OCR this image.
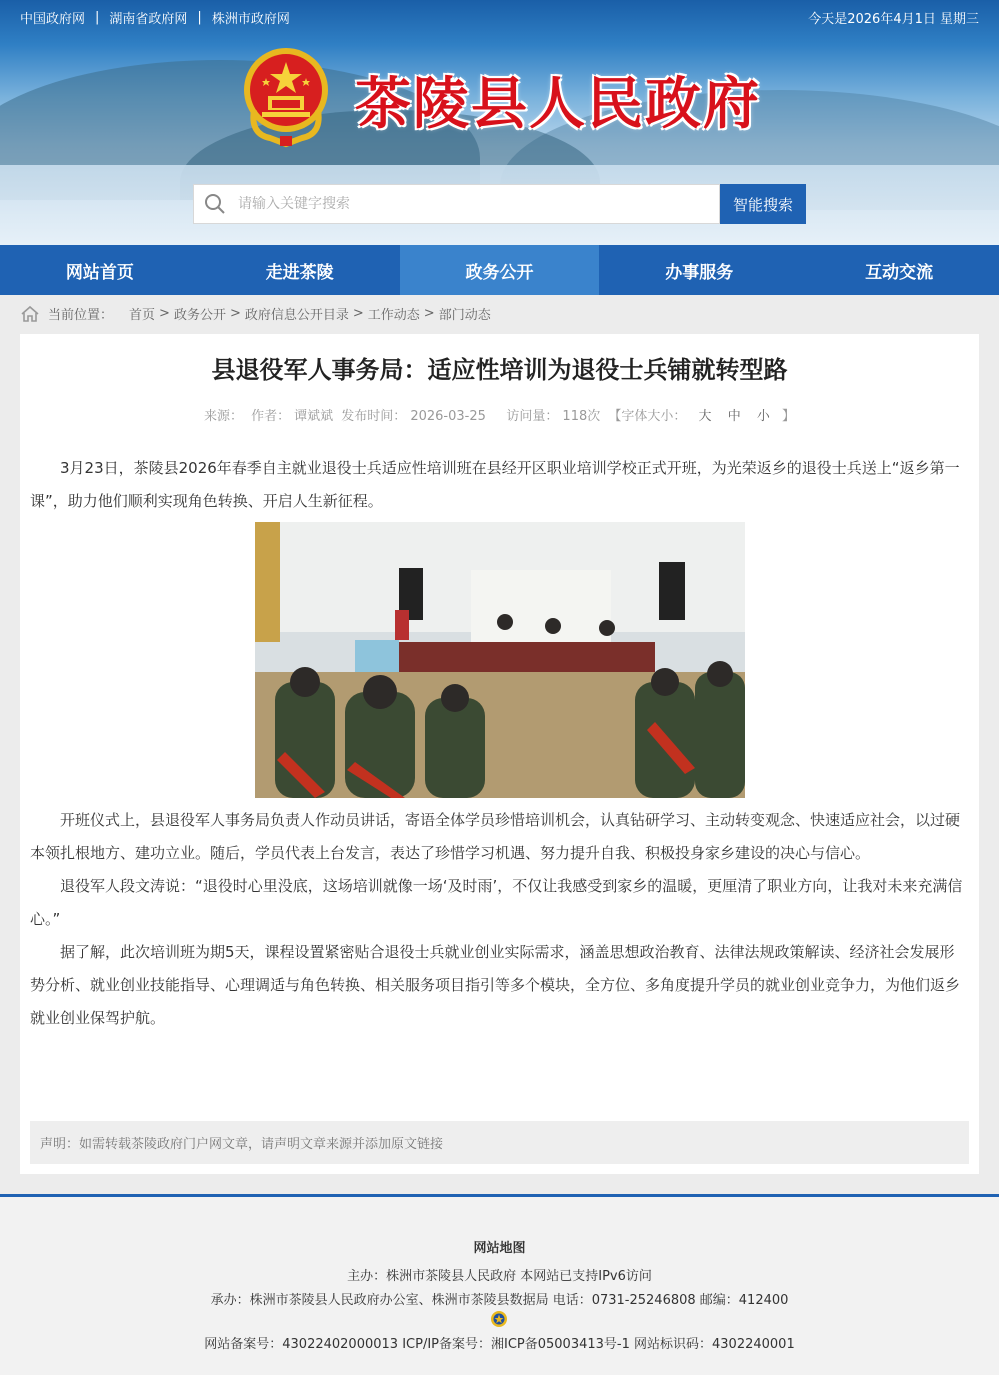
中国政府网 | 湖南省政府网 | 株洲市政府网	今天是2026年4月1日 星期三
茶陵县人民政府
请输入关键字搜索
智能搜索
网站首页	走进茶陵	政务公开	办事服务	互动交流
当前位置： 首页 > 政务公开 > 政府信息公开目录 > 工作动态 > 部门动态
县退役军人事务局：适应性培训为退役士兵铺就转型路
来源： 作者： 谭斌斌 发布时间： 2026-03-25 访问量： 118次 【字体大小： 大 中 小 】

3月23日，茶陵县2026年春季自主就业退役士兵适应性培训班在县经开区职业培训学校正式开班，为光荣返乡的退役士兵送上“返乡第一课”，助力他们顺利实现角色转换、开启人生新征程。

开班仪式上，县退役军人事务局负责人作动员讲话，寄语全体学员珍惜培训机会，认真钻研学习、主动转变观念、快速适应社会，以过硬本领扎根地方、建功立业。随后，学员代表上台发言，表达了珍惜学习机遇、努力提升自我、积极投身家乡建设的决心与信心。

退役军人段文涛说：“退役时心里没底，这场培训就像一场‘及时雨’，不仅让我感受到家乡的温暖，更厘清了职业方向，让我对未来充满信心。”

据了解，此次培训班为期5天，课程设置紧密贴合退役士兵就业创业实际需求，涵盖思想政治教育、法律法规政策解读、经济社会发展形势分析、就业创业技能指导、心理调适与角色转换、相关服务项目指引等多个模块，全方位、多角度提升学员的就业创业竞争力，为他们返乡就业创业保驾护航。

声明：如需转载茶陵政府门户网文章，请声明文章来源并添加原文链接
网站地图
主办：株洲市茶陵县人民政府 本网站已支持IPv6访问
承办：株洲市茶陵县人民政府办公室、株洲市茶陵县数据局 电话：0731-25246808 邮编：412400
网站备案号：43022402000013 ICP/IP备案号：湘ICP备05003413号-1 网站标识码：4302240001
